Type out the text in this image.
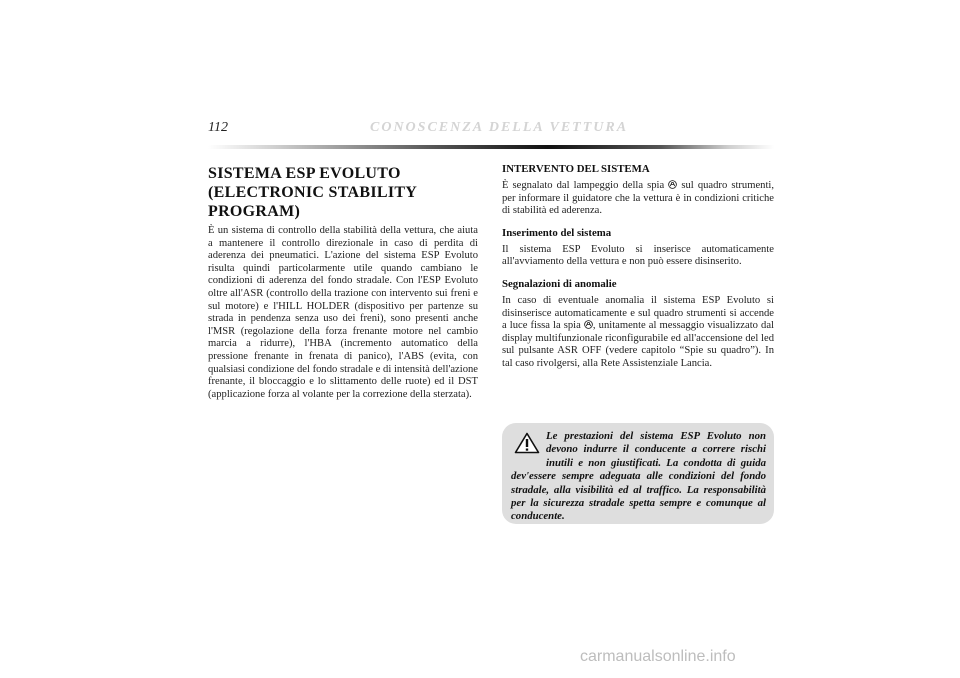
112	CONOSCENZA DELLA VETTURA
SISTEMA ESP EVOLUTO
(ELECTRONIC STABILITY
PROGRAM)

È un sistema di controllo della stabilità della vettura, che aiuta a mantenere il controllo direzionale in caso di perdita di aderenza dei pneumatici. L'azione del sistema ESP Evoluto risulta quindi particolarmente utile quando cambiano le condizioni di aderenza del fondo stradale. Con l'ESP Evoluto oltre all'ASR (controllo della trazione con intervento sui freni e sul motore) e l'HILL HOLDER (dispositivo per partenze su strada in pendenza senza uso dei freni), sono presenti anche l'MSR (regolazione della forza frenante motore nel cambio marcia a ridurre), l'HBA (incremento automatico della pressione frenante in frenata di panico), l'ABS (evita, con qualsiasi condizione del fondo stradale e di intensità dell'azione frenante, il bloccaggio e lo slittamento delle ruote) ed il DST (applicazione forza al volante per la correzione della sterzata).

INTERVENTO DEL SISTEMA

È segnalato dal lampeggio della spia sul quadro strumenti, per informare il guidatore che la vettura è in condizioni critiche di stabilità ed aderenza.

Inserimento del sistema

Il sistema ESP Evoluto si inserisce automaticamente all'avviamento della vettura e non può essere disinserito.

Segnalazioni di anomalie

In caso di eventuale anomalia il sistema ESP Evoluto si disinserisce automaticamente e sul quadro strumenti si accende a luce fissa la spia , unitamente al messaggio visualizzato dal display multifunzionale riconfigurabile ed all'accensione del led sul pulsante ASR OFF (vedere capitolo “Spie su quadro”). In tal caso rivolgersi, alla Rete Assistenziale Lancia.

Le prestazioni del sistema ESP Evoluto non devono indurre il conducente a correre rischi inutili e non giustificati. La condotta di guida dev'essere sempre adeguata alle condizioni del fondo stradale, alla visibilità ed al traffico. La responsabilità per la sicurezza stradale spetta sempre e comunque al conducente.

carmanualsonline.info
